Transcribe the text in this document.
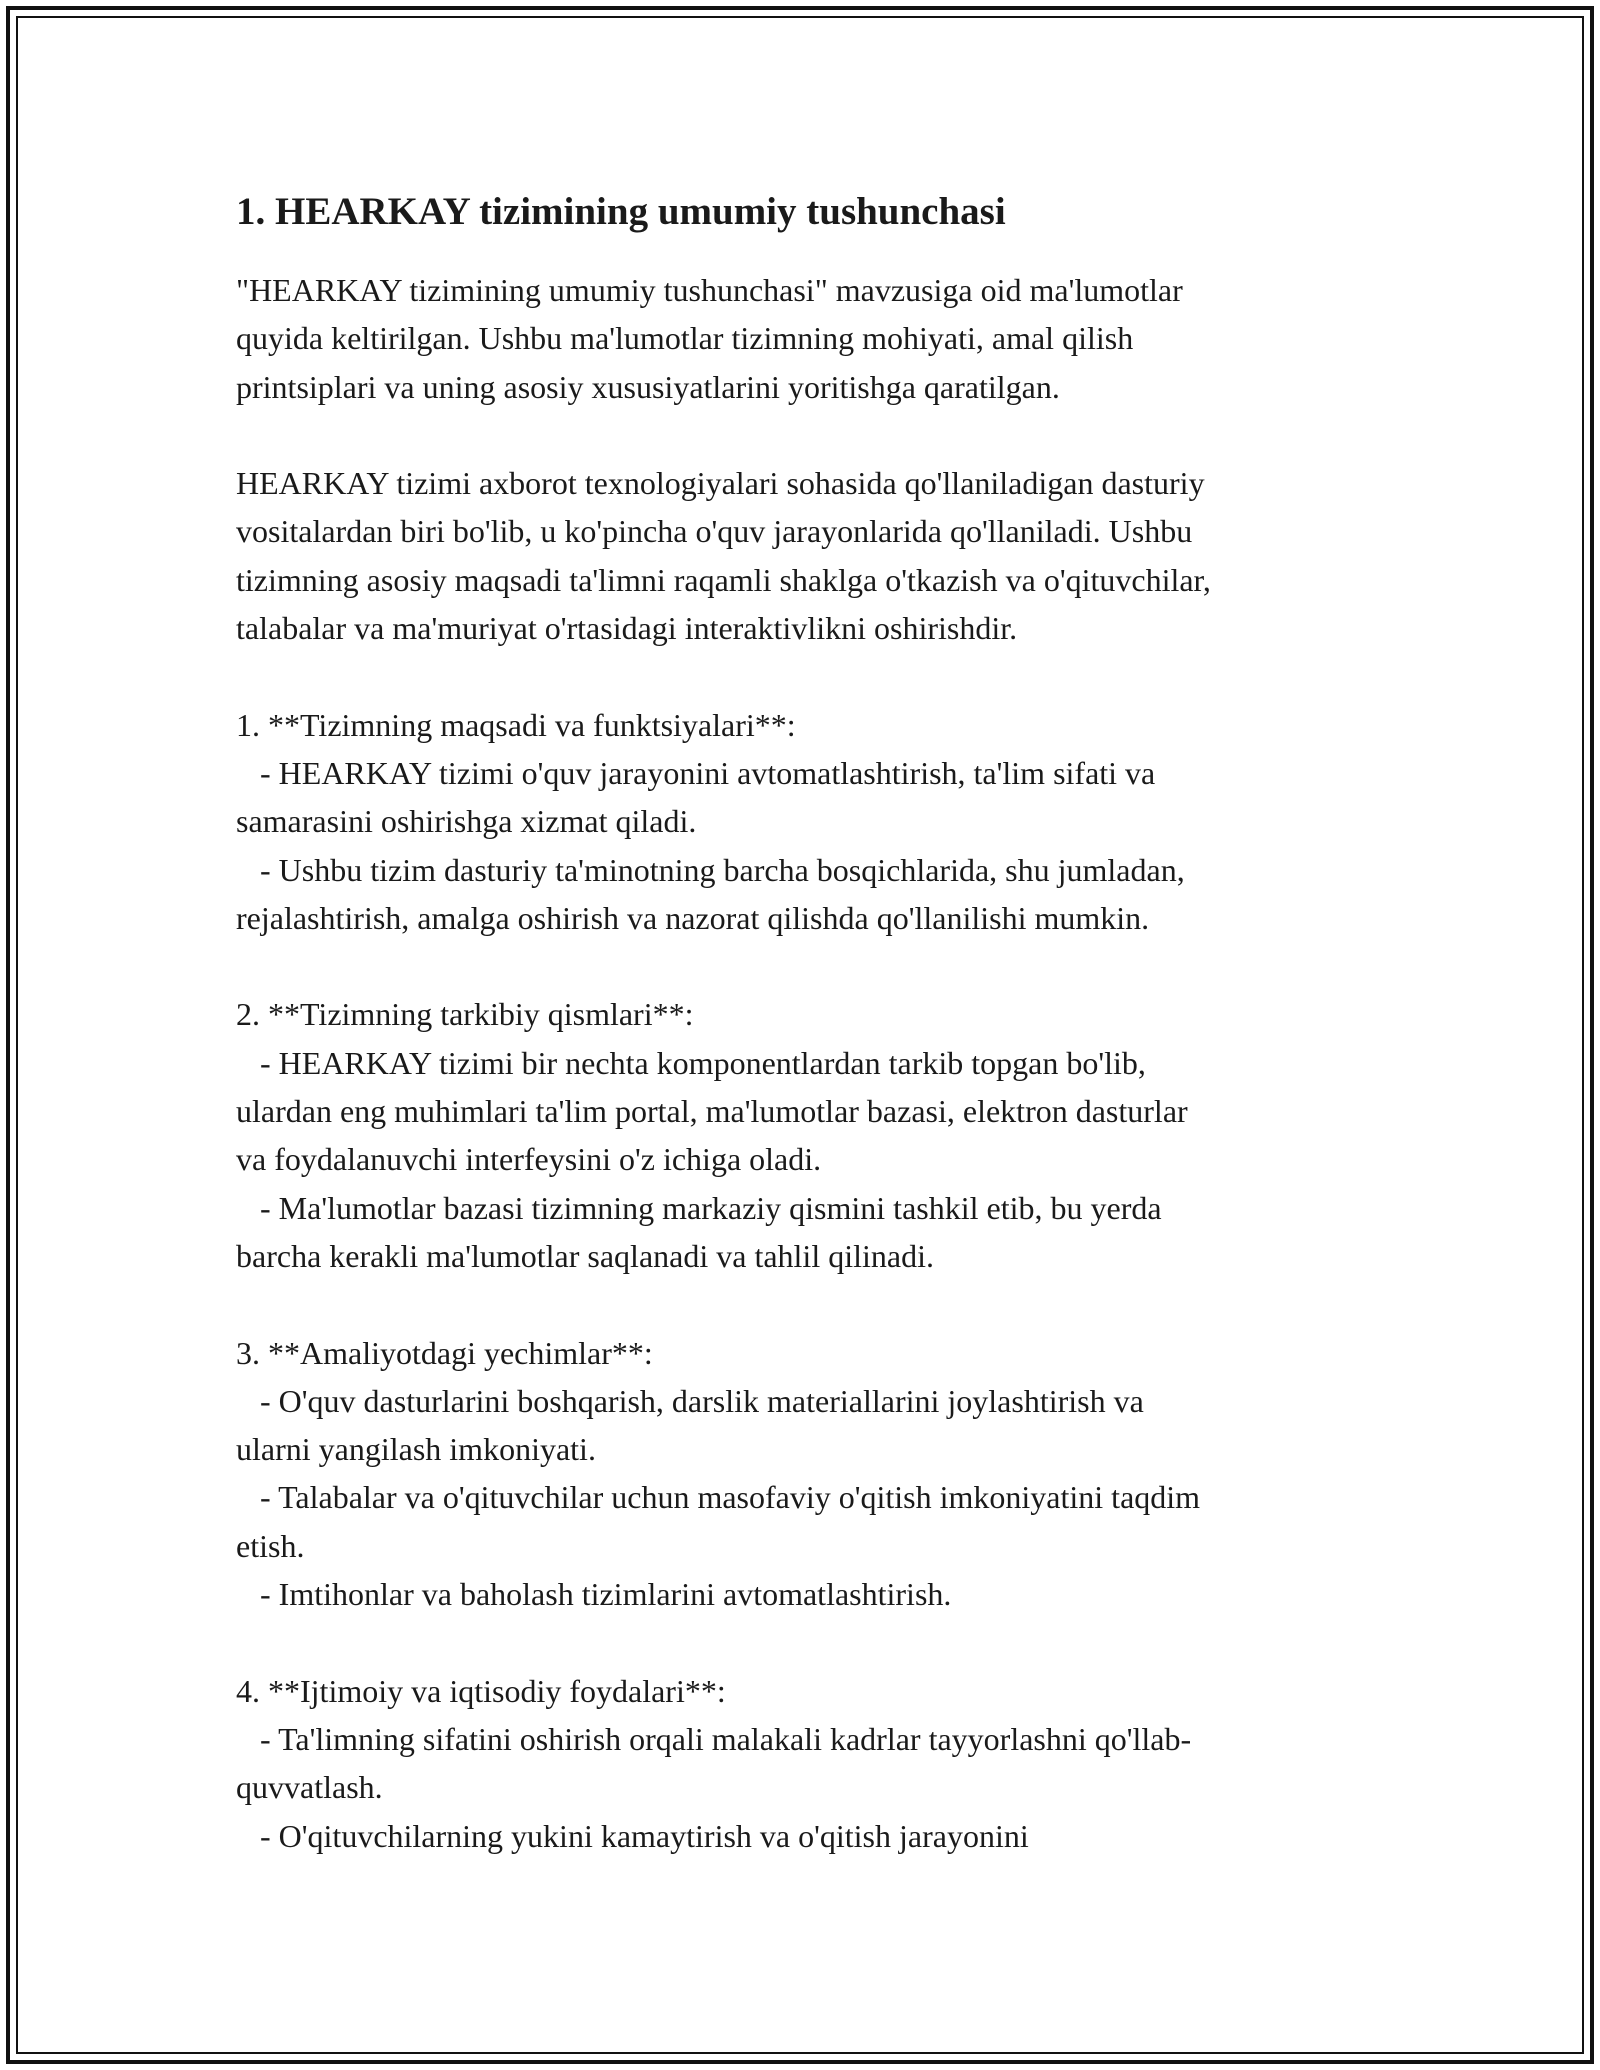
1. HEARKAY tizimining umumiy tushunchasi

"HEARKAY tizimining umumiy tushunchasi" mavzusiga oid ma'lumotlar
quyida keltirilgan. Ushbu ma'lumotlar tizimning mohiyati, amal qilish
printsiplari va uning asosiy xususiyatlarini yoritishga qaratilgan.

HEARKAY tizimi axborot texnologiyalari sohasida qo'llaniladigan dasturiy
vositalardan biri bo'lib, u ko'pincha o'quv jarayonlarida qo'llaniladi. Ushbu
tizimning asosiy maqsadi ta'limni raqamli shaklga o'tkazish va o'qituvchilar,
talabalar va ma'muriyat o'rtasidagi interaktivlikni oshirishdir.

1. **Tizimning maqsadi va funktsiyalari**:
- HEARKAY tizimi o'quv jarayonini avtomatlashtirish, ta'lim sifati va
samarasini oshirishga xizmat qiladi.
- Ushbu tizim dasturiy ta'minotning barcha bosqichlarida, shu jumladan,
rejalashtirish, amalga oshirish va nazorat qilishda qo'llanilishi mumkin.

2. **Tizimning tarkibiy qismlari**:
- HEARKAY tizimi bir nechta komponentlardan tarkib topgan bo'lib,
ulardan eng muhimlari ta'lim portal, ma'lumotlar bazasi, elektron dasturlar
va foydalanuvchi interfeysini o'z ichiga oladi.
- Ma'lumotlar bazasi tizimning markaziy qismini tashkil etib, bu yerda
barcha kerakli ma'lumotlar saqlanadi va tahlil qilinadi.

3. **Amaliyotdagi yechimlar**:
- O'quv dasturlarini boshqarish, darslik materiallarini joylashtirish va
ularni yangilash imkoniyati.
- Talabalar va o'qituvchilar uchun masofaviy o'qitish imkoniyatini taqdim
etish.
- Imtihonlar va baholash tizimlarini avtomatlashtirish.

4. **Ijtimoiy va iqtisodiy foydalari**:
- Ta'limning sifatini oshirish orqali malakali kadrlar tayyorlashni qo'llab-
quvvatlash.
- O'qituvchilarning yukini kamaytirish va o'qitish jarayonini
